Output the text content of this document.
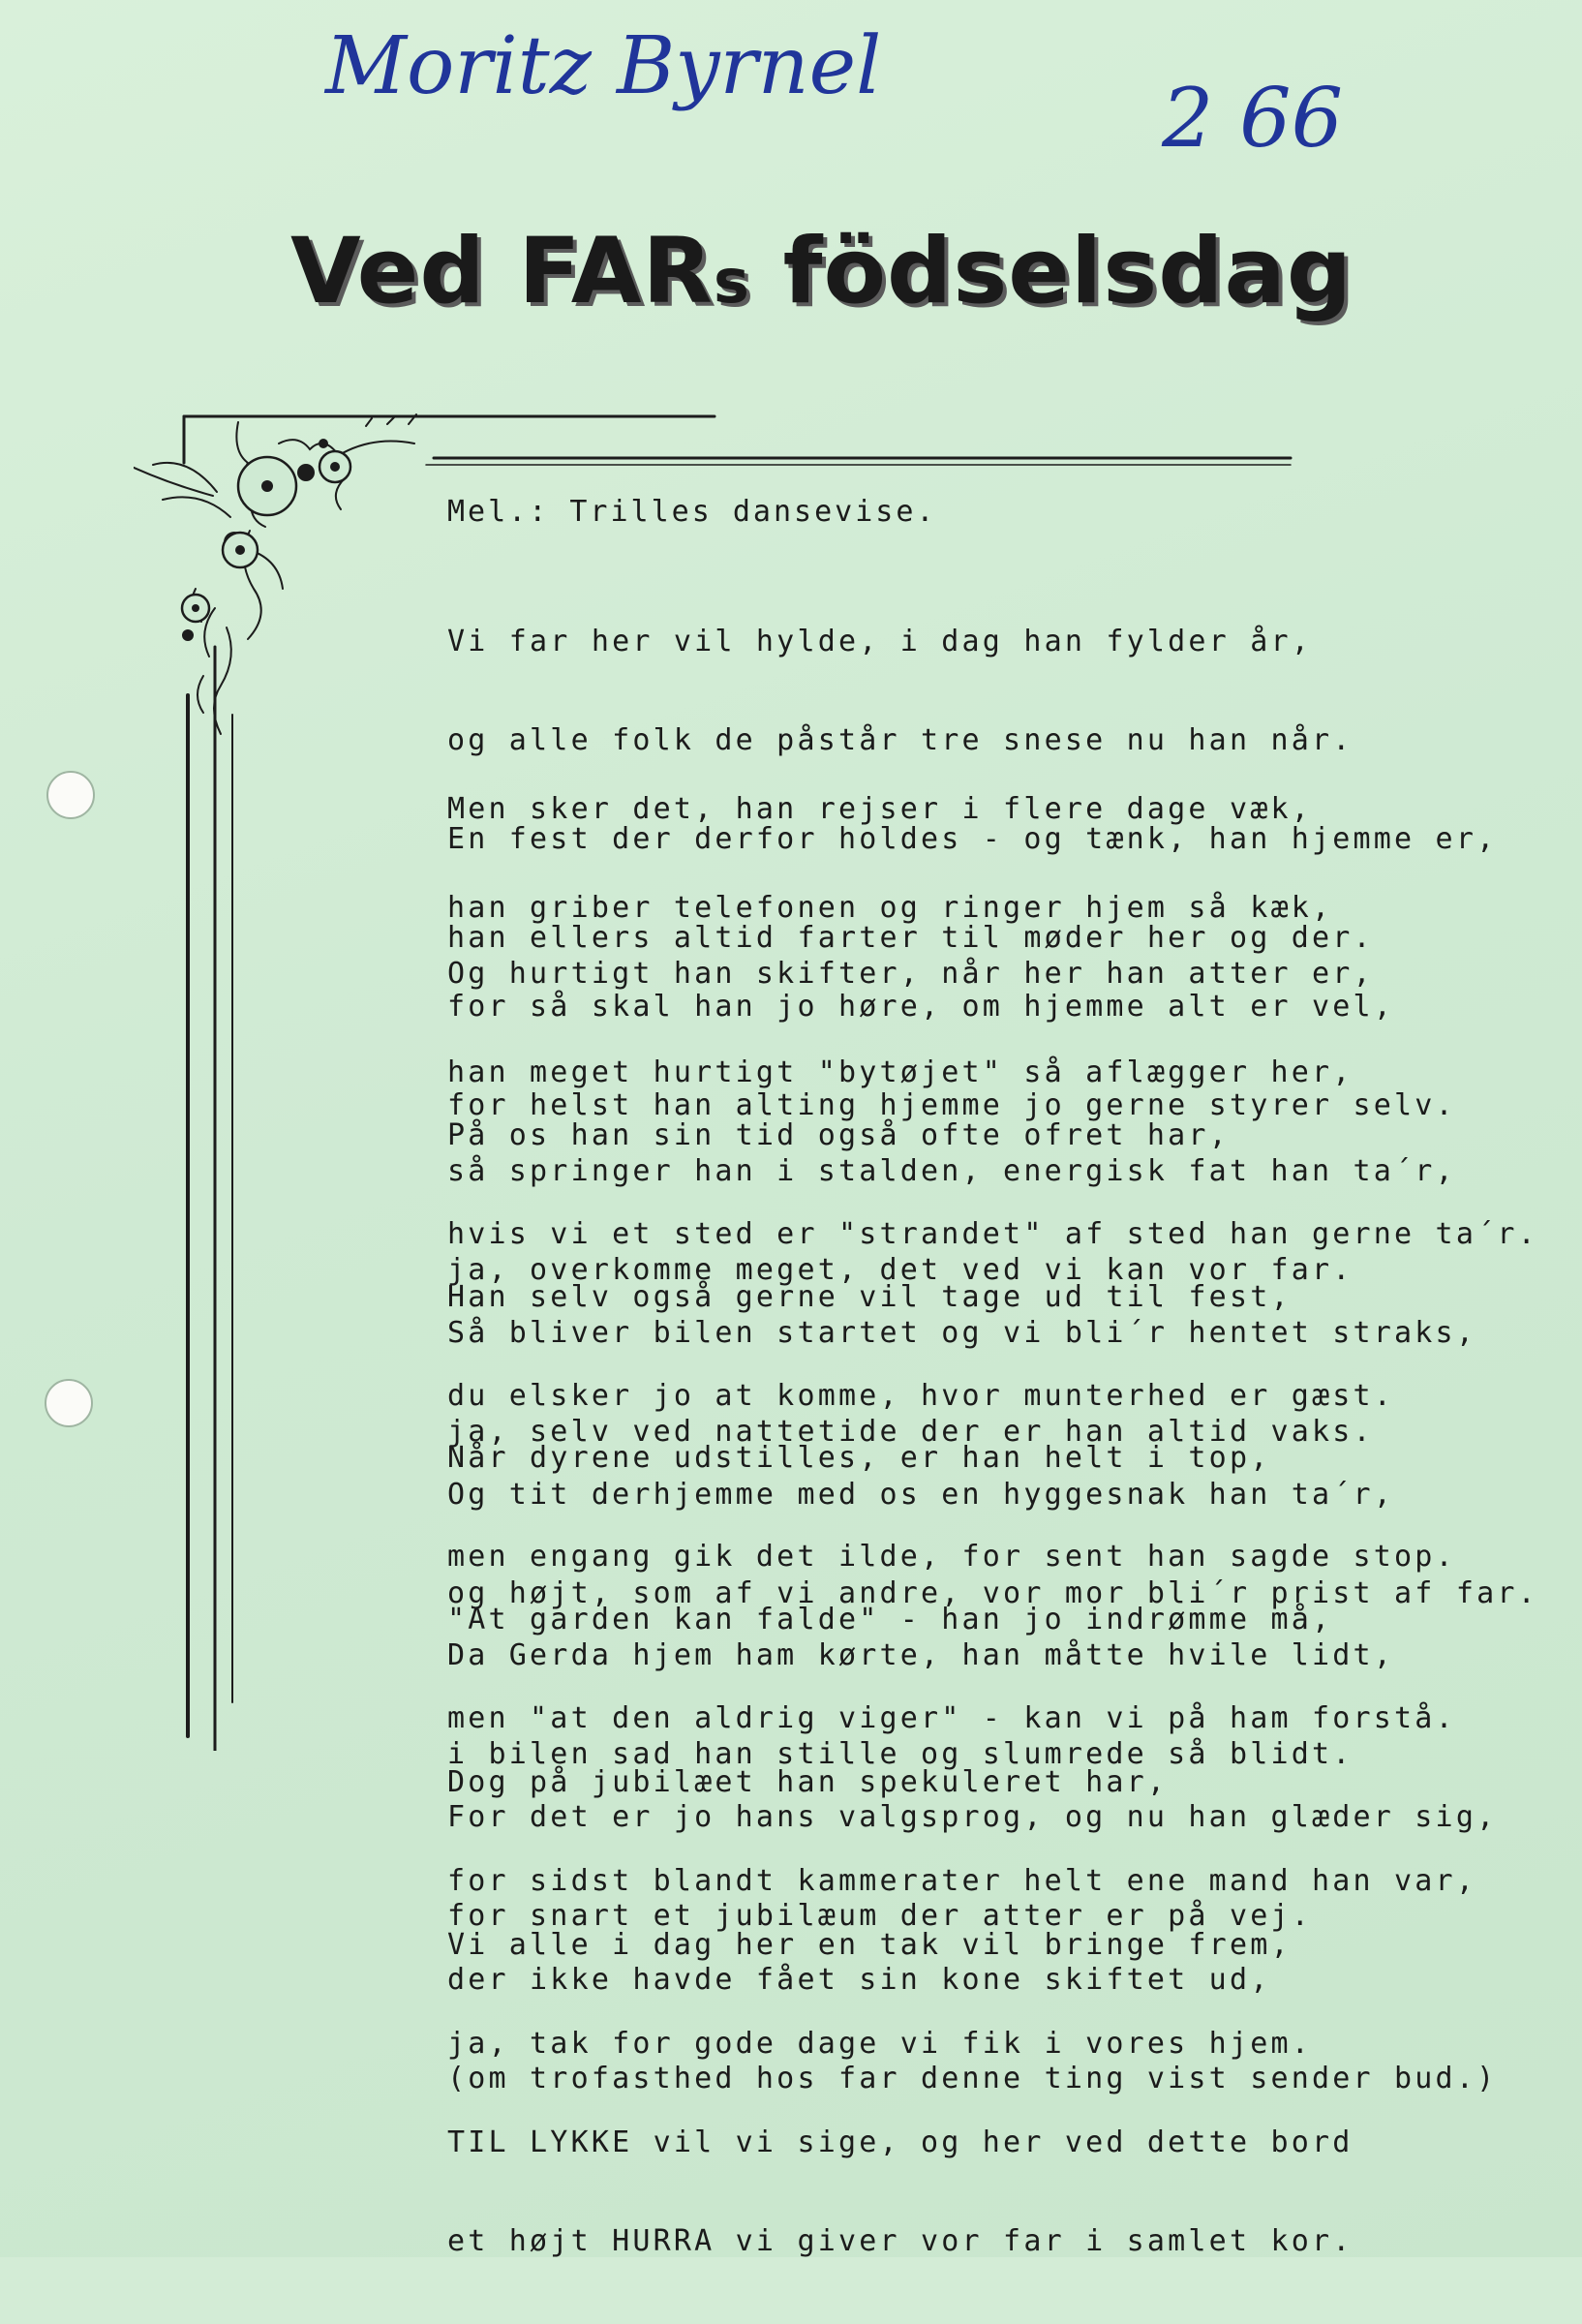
Moritz Byrnel
2 66
Ved FARs födselsdag
Mel.: Trilles dansevise.

Vi far her vil hylde, i dag han fylder år,

og alle folk de påstår tre snese nu han når.

En fest der derfor holdes - og tænk, han hjemme er,

han ellers altid farter til møder her og der.

Men sker det, han rejser i flere dage væk,

han griber telefonen og ringer hjem så kæk,

for så skal han jo høre, om hjemme alt er vel,

for helst han alting hjemme jo gerne styrer selv.

Og hurtigt han skifter, når her han atter er,

han meget hurtigt "bytøjet" så aflægger her,

så springer han i stalden, energisk fat han ta´r,

ja, overkomme meget, det ved vi kan vor far.

På os han sin tid også ofte ofret har,

hvis vi et sted er "strandet" af sted han gerne ta´r.

Så bliver bilen startet og vi bli´r hentet straks,

ja, selv ved nattetide der er han altid vaks.

Han selv også gerne vil tage ud til fest,

du elsker jo at komme, hvor munterhed er gæst.

Og tit derhjemme med os en hyggesnak han ta´r,

og højt, som af vi andre, vor mor bli´r prist af far.

Når dyrene udstilles, er han helt i top,

men engang gik det ilde, for sent han sagde stop.

Da Gerda hjem ham kørte, han måtte hvile lidt,

i bilen sad han stille og slumrede så blidt.

"At garden kan falde" - han jo indrømme må,

men "at den aldrig viger" - kan vi på ham forstå.

For det er jo hans valgsprog, og nu han glæder sig,

for snart et jubilæum der atter er på vej.

Dog på jubilæet han spekuleret har,

for sidst blandt kammerater helt ene mand han var,

der ikke havde fået sin kone skiftet ud,

(om trofasthed hos far denne ting vist sender bud.)

Vi alle i dag her en tak vil bringe frem,

ja, tak for gode dage vi fik i vores hjem.

TIL LYKKE vil vi sige, og her ved dette bord

et højt HURRA vi giver vor far i samlet kor.
